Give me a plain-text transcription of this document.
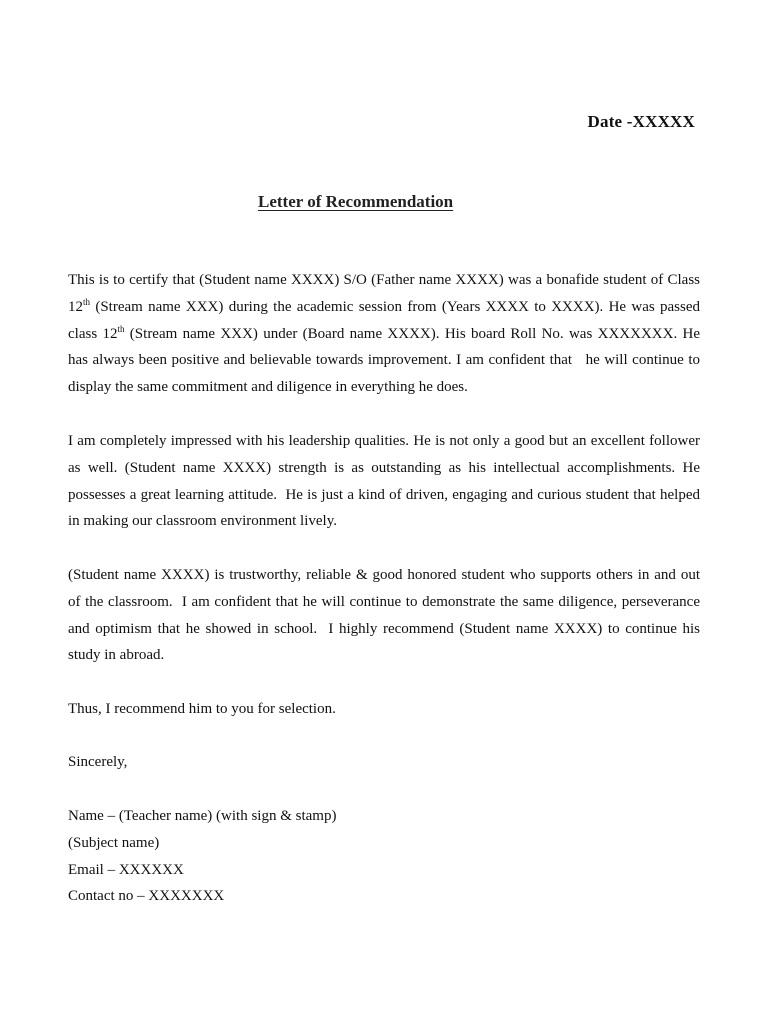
Date -XXXXX
Letter of Recommendation
This is to certify that (Student name XXXX) S/O (Father name XXXX) was a bonafide student of Class
12th (Stream name XXX) during the academic session from (Years XXXX to XXXX). He was passed
class 12th (Stream name XXX) under (Board name XXXX). His board Roll No. was XXXXXXX. He
has always been positive and believable towards improvement. I am confident that   he will continue to
display the same commitment and diligence in everything he does.
I am completely impressed with his leadership qualities. He is not only a good but an excellent follower
as well. (Student name XXXX) strength is as outstanding as his intellectual accomplishments. He
possesses a great learning attitude.  He is just a kind of driven, engaging and curious student that helped
in making our classroom environment lively.
(Student name XXXX) is trustworthy, reliable & good honored student who supports others in and out
of the classroom.  I am confident that he will continue to demonstrate the same diligence, perseverance
and optimism that he showed in school.  I highly recommend (Student name XXXX) to continue his
study in abroad.
Thus, I recommend him to you for selection.
Sincerely,
Name – (Teacher name) (with sign & stamp)
(Subject name)
Email – XXXXXX
Contact no – XXXXXXX
